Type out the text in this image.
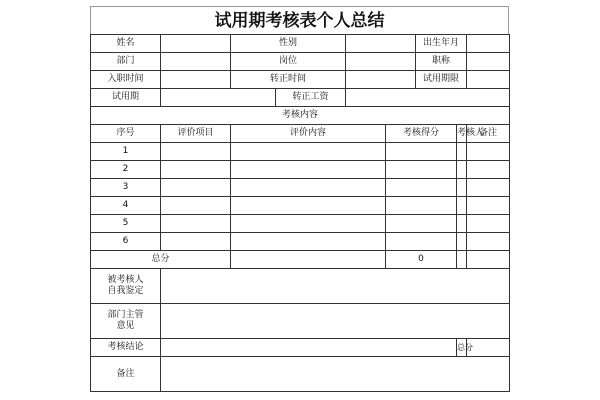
试用期考核表个人总结
姓名		性别				出生年月		
部门		岗位				职称		
入职时间		转正时间				试用期限		
试用期			转正工资					
考核内容								
序号	评价项目	评价内容			考核得分		考核人	备注
1								
2								
3								
4								
5								
6								
总分					0			
被考核人
自我鉴定								
部门主管
意见								
考核结论							总分	
备注								
